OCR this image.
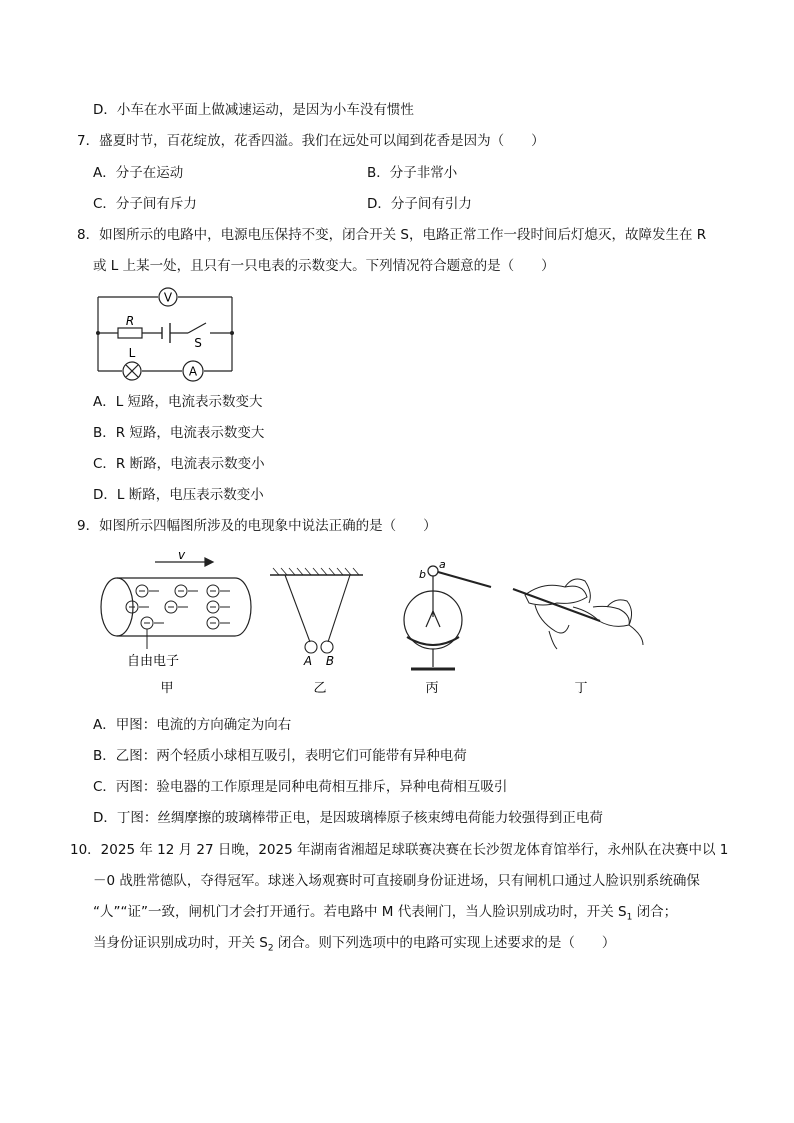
D．小车在水平面上做减速运动，是因为小车没有惯性
7．盛夏时节，百花绽放，花香四溢。我们在远处可以闻到花香是因为（　　）
A．分子在运动	B．分子非常小
C．分子间有斥力	D．分子间有引力
8．如图所示的电路中，电源电压保持不变，闭合开关 S，电路正常工作一段时间后灯熄灭，故障发生在 R
或 L 上某一处，且只有一只电表的示数变大。下列情况符合题意的是（　　）
V
R
S
L
A
A．L 短路，电流表示数变大
B．R 短路，电流表示数变大
C．R 断路，电流表示数变小
D．L 断路，电压表示数变小
9．如图所示四幅图所涉及的电现象中说法正确的是（　　）
v
自由电子
甲
A B
乙
b
a
丙	丁
A．甲图：电流的方向确定为向右
B．乙图：两个轻质小球相互吸引，表明它们可能带有异种电荷
C．丙图：验电器的工作原理是同种电荷相互排斥，异种电荷相互吸引
D．丁图：丝绸摩擦的玻璃棒带正电，是因玻璃棒原子核束缚电荷能力较强得到正电荷
10．2025 年 12 月 27 日晚，2025 年湖南省湘超足球联赛决赛在长沙贺龙体育馆举行，永州队在决赛中以 1
－0 战胜常德队，夺得冠军。球迷入场观赛时可直接刷身份证进场，只有闸机口通过人脸识别系统确保
“人”“证”一致，闸机门才会打开通行。若电路中 M 代表闸门，当人脸识别成功时，开关 $S_1$ 闭合；
当身份证识别成功时，开关 $S_2$ 闭合。则下列选项中的电路可实现上述要求的是（　　）
